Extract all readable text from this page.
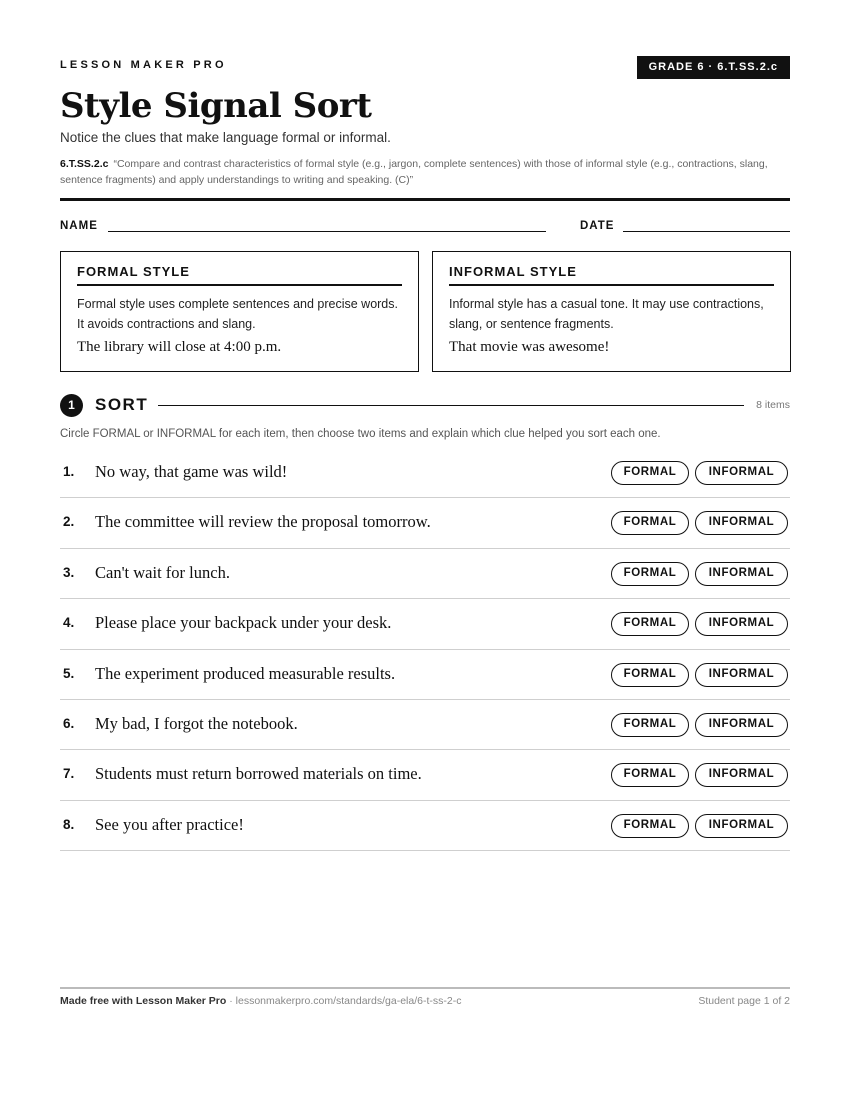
LESSON MAKER PRO	GRADE 6 · 6.T.SS.2.c
Style Signal Sort
Notice the clues that make language formal or informal.
6.T.SS.2.c “Compare and contrast characteristics of formal style (e.g., jargon, complete sentences) with those of informal style (e.g., contractions, slang, sentence fragments) and apply understandings to writing and speaking. (C)”
NAME	DATE
FORMAL STYLE
Formal style uses complete sentences and precise words. It avoids contractions and slang.
The library will close at 4:00 p.m.
INFORMAL STYLE
Informal style has a casual tone. It may use contractions, slang, or sentence fragments.
That movie was awesome!
1	SORT	8 items
Circle FORMAL or INFORMAL for each item, then choose two items and explain which clue helped you sort each one.
1. No way, that game was wild!	FORMAL	INFORMAL
2. The committee will review the proposal tomorrow.	FORMAL	INFORMAL
3. Can't wait for lunch.	FORMAL	INFORMAL
4. Please place your backpack under your desk.	FORMAL	INFORMAL
5. The experiment produced measurable results.	FORMAL	INFORMAL
6. My bad, I forgot the notebook.	FORMAL	INFORMAL
7. Students must return borrowed materials on time.	FORMAL	INFORMAL
8. See you after practice!	FORMAL	INFORMAL
Made free with Lesson Maker Pro · lessonmakerpro.com/standards/ga-ela/6-t-ss-2-c	Student page 1 of 2
